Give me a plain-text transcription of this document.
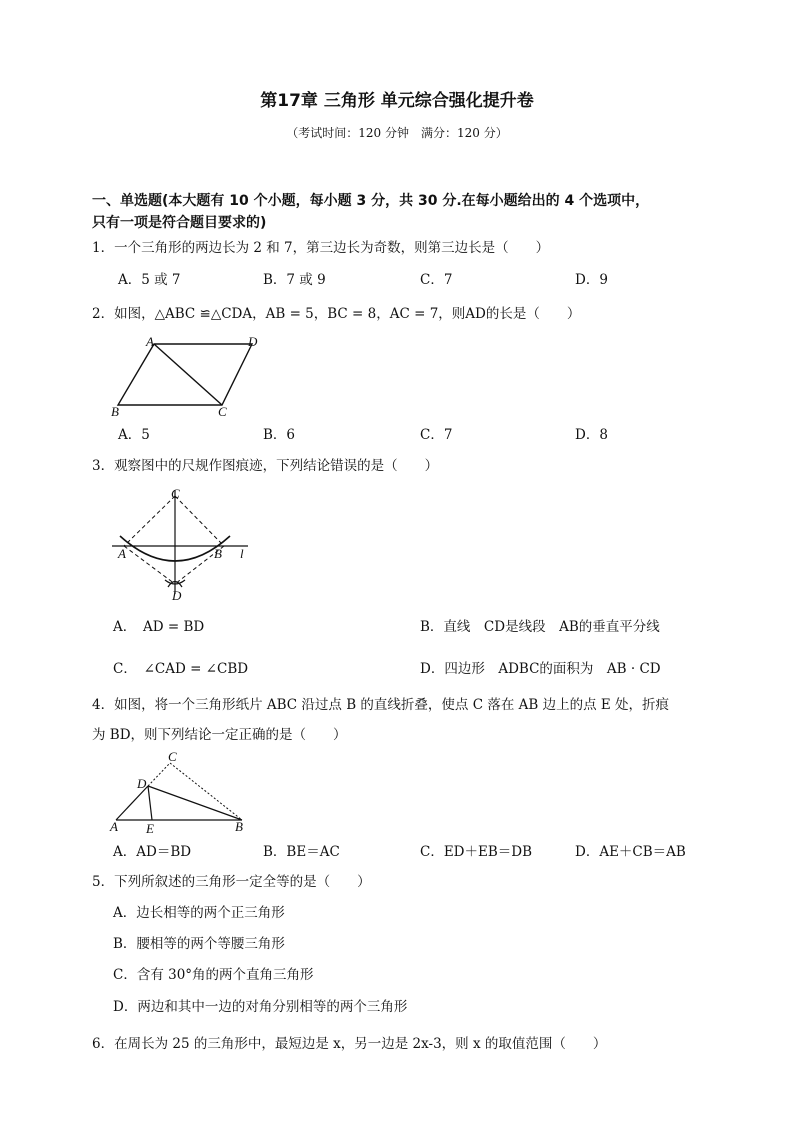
第17章 三角形 单元综合强化提升卷
（考试时间：120 分钟　满分：120 分）
一、单选题(本大题有 10 个小题，每小题 3 分，共 30 分.在每小题给出的 4 个选项中，
只有一项是符合题目要求的)
1．一个三角形的两边长为 2 和 7，第三边长为奇数，则第三边长是（　　）
A．5 或 7	B．7 或 9	C．7	D．9
2．如图，△ABC ≌△CDA，AB = 5，BC = 8，AC = 7，则AD的长是（　　）
A	D
B	C
A．5	B．6	C．7	D．8
3．观察图中的尺规作图痕迹，下列结论错误的是（　　）
C
A	B l
D
A．　AD = BD	B．直线　CD是线段　AB的垂直平分线
C．　∠CAD = ∠CBD	D．四边形　ADBC的面积为　AB · CD
4．如图，将一个三角形纸片 ABC 沿过点 B 的直线折叠，使点 C 落在 AB 边上的点 E 处，折痕
为 BD，则下列结论一定正确的是（　　）
C
D
A E	B
A．AD＝BD	B．BE＝AC	C．ED＋EB＝DB	D．AE＋CB＝AB
5．下列所叙述的三角形一定全等的是（　　）
A．边长相等的两个正三角形
B．腰相等的两个等腰三角形
C．含有 30°角的两个直角三角形
D．两边和其中一边的对角分别相等的两个三角形
6．在周长为 25 的三角形中，最短边是 x，另一边是 2x-3，则 x 的取值范围（　　）
